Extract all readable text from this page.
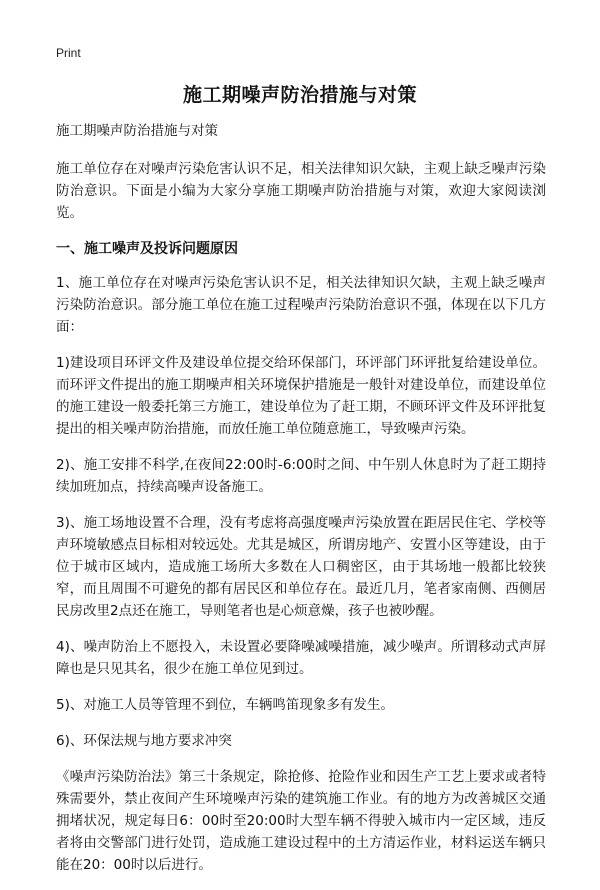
Print
施工期噪声防治措施与对策

施工期噪声防治措施与对策

施工单位存在对噪声污染危害认识不足，相关法律知识欠缺，主观上缺乏噪声污染防治意识。下面是小编为大家分享施工期噪声防治措施与对策，欢迎大家阅读浏览。

一、施工噪声及投诉问题原因

1、施工单位存在对噪声污染危害认识不足，相关法律知识欠缺，主观上缺乏噪声污染防治意识。部分施工单位在施工过程噪声污染防治意识不强，体现在以下几方面：

1)建设项目环评文件及建设单位提交给环保部门，环评部门环评批复给建设单位。而环评文件提出的施工期噪声相关环境保护措施是一般针对建设单位，而建设单位的施工建设一般委托第三方施工，建设单位为了赶工期，不顾环评文件及环评批复提出的相关噪声防治措施，而放任施工单位随意施工，导致噪声污染。

2)、施工安排不科学,在夜间22:00时-6:00时之间、中午别人休息时为了赶工期持续加班加点，持续高噪声设备施工。

3)、施工场地设置不合理，没有考虑将高强度噪声污染放置在距居民住宅、学校等声环境敏感点目标相对较远处。尤其是城区，所谓房地产、安置小区等建设，由于位于城市区域内，造成施工场所大多数在人口稠密区，由于其场地一般都比较狭窄，而且周围不可避免的都有居民区和单位存在。最近几月，笔者家南侧、西侧居民房改里2点还在施工，导则笔者也是心烦意燥，孩子也被吵醒。

4)、噪声防治上不愿投入，未设置必要降噪减噪措施，减少噪声。所谓移动式声屏障也是只见其名，很少在施工单位见到过。

5)、对施工人员等管理不到位，车辆鸣笛现象多有发生。

6)、环保法规与地方要求冲突

《噪声污染防治法》第三十条规定，除抢修、抢险作业和因生产工艺上要求或者特殊需要外，禁止夜间产生环境噪声污染的建筑施工作业。有的地方为改善城区交通拥堵状况，规定每日6：00时至20:00时大型车辆不得驶入城市内一定区域，违反者将由交警部门进行处罚，造成施工建设过程中的土方清运作业，材料运送车辆只能在20：00时以后进行。
